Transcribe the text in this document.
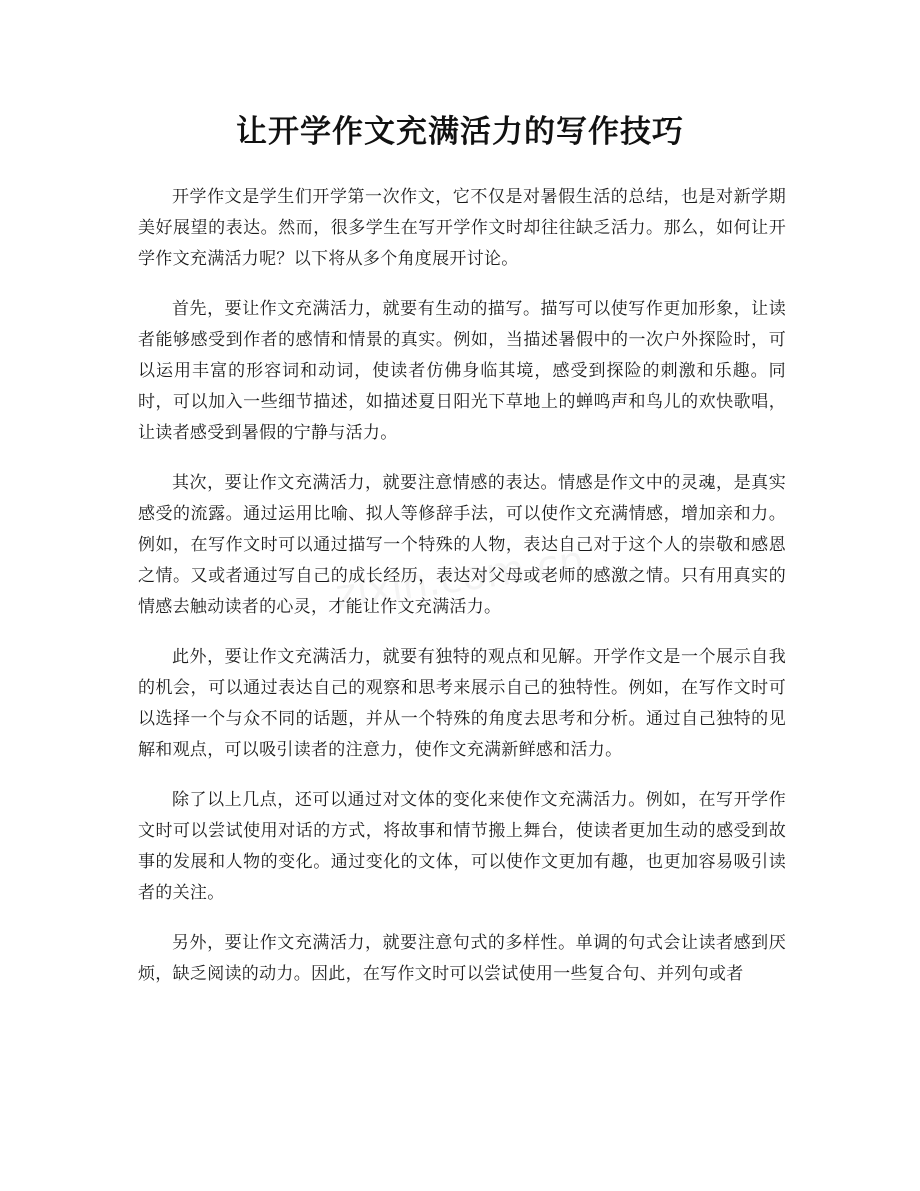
让开学作文充满活力的写作技巧

开学作文是学生们开学第一次作文，它不仅是对暑假生活的总结，也是对新学期美好展望的表达。然而，很多学生在写开学作文时却往往缺乏活力。那么，如何让开学作文充满活力呢？以下将从多个角度展开讨论。

首先，要让作文充满活力，就要有生动的描写。描写可以使写作更加形象，让读者能够感受到作者的感情和情景的真实。例如，当描述暑假中的一次户外探险时，可以运用丰富的形容词和动词，使读者仿佛身临其境，感受到探险的刺激和乐趣。同时，可以加入一些细节描述，如描述夏日阳光下草地上的蝉鸣声和鸟儿的欢快歌唱，让读者感受到暑假的宁静与活力。

其次，要让作文充满活力，就要注意情感的表达。情感是作文中的灵魂，是真实感受的流露。通过运用比喻、拟人等修辞手法，可以使作文充满情感，增加亲和力。例如，在写作文时可以通过描写一个特殊的人物，表达自己对于这个人的崇敬和感恩之情。又或者通过写自己的成长经历，表达对父母或老师的感激之情。只有用真实的情感去触动读者的心灵，才能让作文充满活力。

此外，要让作文充满活力，就要有独特的观点和见解。开学作文是一个展示自我的机会，可以通过表达自己的观察和思考来展示自己的独特性。例如，在写作文时可以选择一个与众不同的话题，并从一个特殊的角度去思考和分析。通过自己独特的见解和观点，可以吸引读者的注意力，使作文充满新鲜感和活力。

除了以上几点，还可以通过对文体的变化来使作文充满活力。例如，在写开学作文时可以尝试使用对话的方式，将故事和情节搬上舞台，使读者更加生动的感受到故事的发展和人物的变化。通过变化的文体，可以使作文更加有趣，也更加容易吸引读者的关注。

另外，要让作文充满活力，就要注意句式的多样性。单调的句式会让读者感到厌烦，缺乏阅读的动力。因此，在写作文时可以尝试使用一些复合句、并列句或者
